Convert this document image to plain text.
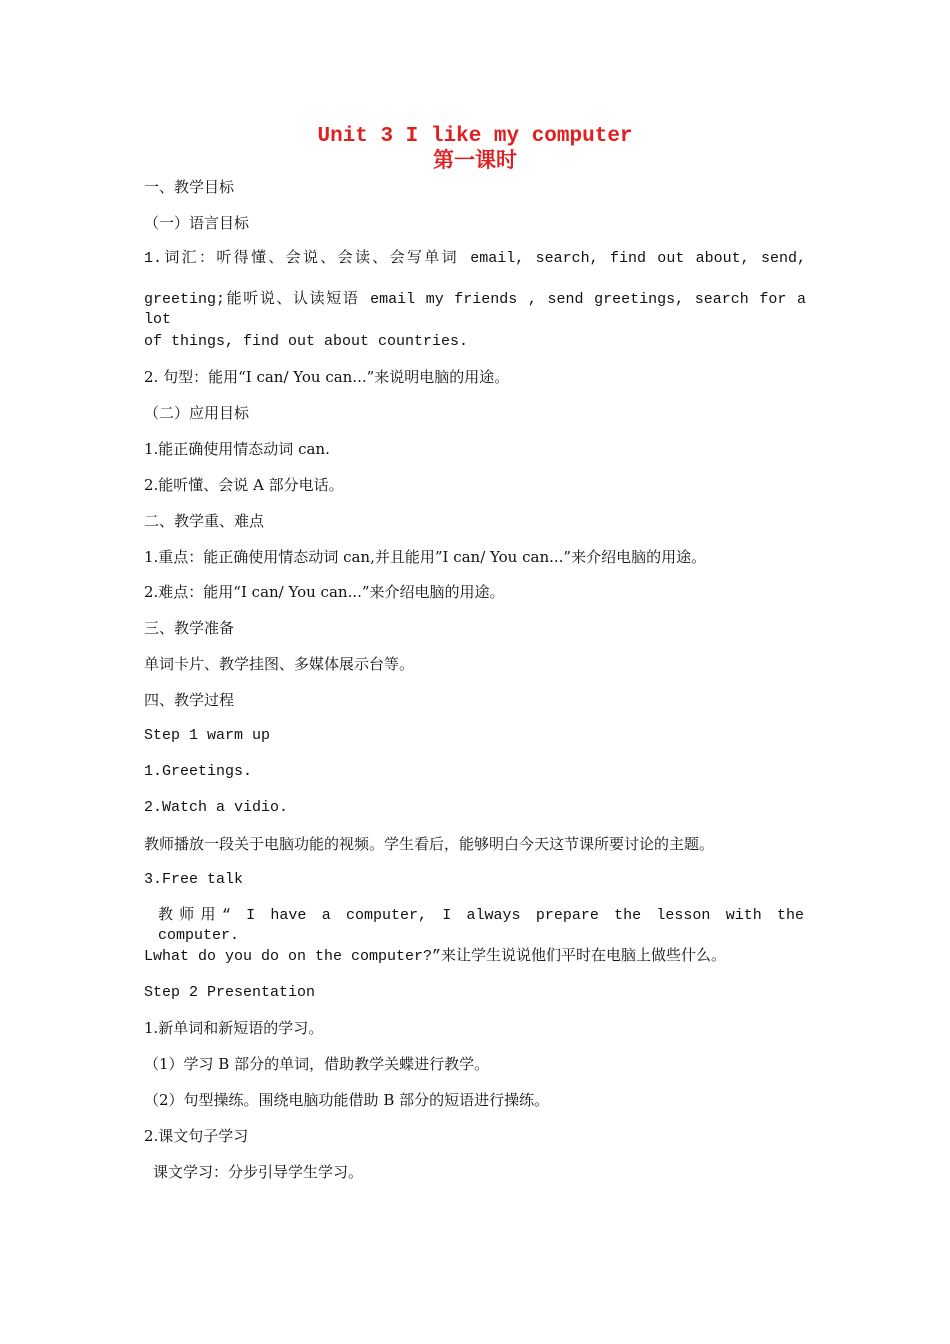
Unit 3 I like my computer
第一课时
一、教学目标
（一）语言目标
1.词汇：听得懂、会说、会读、会写单词 email, search, find out about, send,
greeting;能听说、认读短语 email my friends , send greetings, search for a lot
of things, find out about countries.
2. 句型：能用“I can/ You can...”来说明电脑的用途。
（二）应用目标
1.能正确使用情态动词 can.
2.能听懂、会说 A 部分电话。
二、教学重、难点
1.重点：能正确使用情态动词 can,并且能用”I can/ You can...”来介绍电脑的用途。
2.难点：能用“I can/ You can...”来介绍电脑的用途。
三、教学准备
单词卡片、教学挂图、多媒体展示台等。
四、教学过程
Step 1 warm up
1.Greetings.
2.Watch a vidio.
教师播放一段关于电脑功能的视频。学生看后，能够明白今天这节课所要讨论的主题。
3.Free talk
教师用“ I have a computer, I always prepare the lesson with the computer.
Lwhat do you do on the computer?”来让学生说说他们平时在电脑上做些什么。
Step 2 Presentation
1.新单词和新短语的学习。
（1）学习 B 部分的单词，借助教学关蝶进行教学。
（2）句型操练。围绕电脑功能借助 B 部分的短语进行操练。
2.课文句子学习
课文学习：分步引导学生学习。
